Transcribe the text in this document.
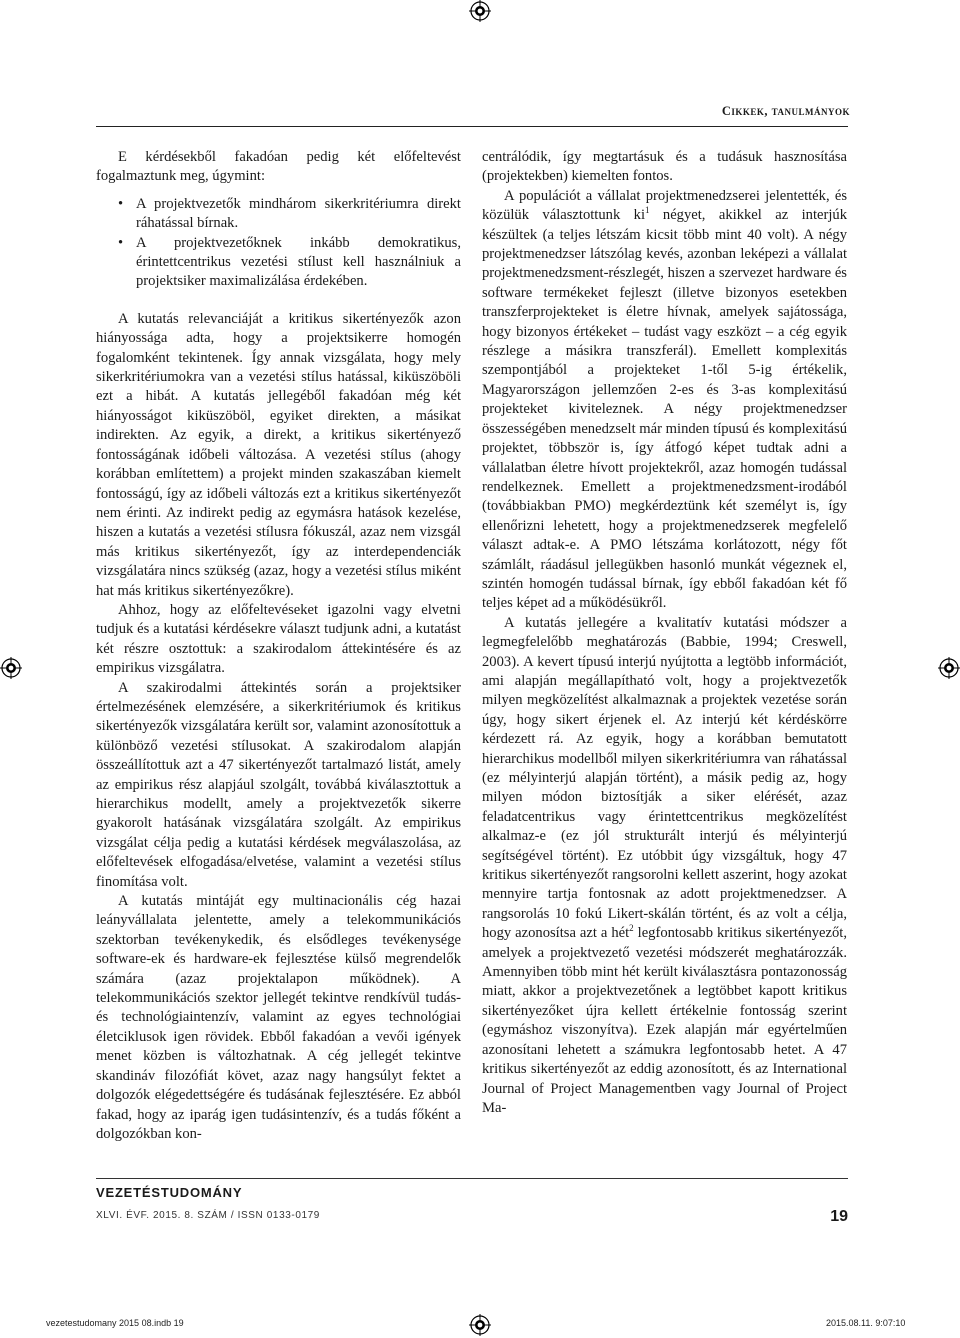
Cikkek, tanulmányok

E kérdésekből fakadóan pedig két előfeltevést fogalmaztunk meg, úgymint:

• A projektvezetők mindhárom sikerkritériumra direkt ráhatással bírnak.
• A projektvezetőknek inkább demokratikus, érintettcentrikus vezetési stílust kell használniuk a projektsiker maximalizálása érdekében.

A kutatás relevanciáját a kritikus sikertényezők azon hiányossága adta, hogy a projektsikerre homogén fogalomként tekintenek. Így annak vizsgálata, hogy mely sikerkritériumokra van a vezetési stílus hatással, kiküszöböli ezt a hibát. A kutatás jellegéből fakadóan még két hiányosságot kiküszöböl, egyiket direkten, a másikat indirekten. Az egyik, a direkt, a kritikus sikertényező fontosságának időbeli változása. A vezetési stílus (ahogy korábban említettem) a projekt minden szakaszában kiemelt fontosságú, így az időbeli változás ezt a kritikus sikertényezőt nem érinti. Az indirekt pedig az egymásra hatások kezelése, hiszen a kutatás a vezetési stílusra fókuszál, azaz nem vizsgál más kritikus sikertényezőt, így az interdependenciák vizsgálatára nincs szükség (azaz, hogy a vezetési stílus miként hat más kritikus sikertényezőkre).

Ahhoz, hogy az előfeltevéseket igazolni vagy elvetni tudjuk és a kutatási kérdésekre választ tudjunk adni, a kutatást két részre osztottuk: a szakirodalom áttekintésére és az empirikus vizsgálatra.

A szakirodalmi áttekintés során a projektsiker értelmezésének elemzésére, a sikerkritériumok és kritikus sikertényezők vizsgálatára került sor, valamint azonosítottuk a különböző vezetési stílusokat. A szakirodalom alapján összeállítottuk azt a 47 sikertényezőt tartalmazó listát, amely az empirikus rész alapjául szolgált, továbbá kiválasztottuk a hierarchikus modellt, amely a projektvezetők sikerre gyakorolt hatásának vizsgálatára szolgált. Az empirikus vizsgálat célja pedig a kutatási kérdések megválaszolása, az előfeltevések elfogadása/elvetése, valamint a vezetési stílus finomítása volt.

A kutatás mintáját egy multinacionális cég hazai leányvállalata jelentette, amely a telekommunikációs szektorban tevékenykedik, és elsődleges tevékenysége software-ek és hardware-ek fejlesztése külső megrendelők számára (azaz projektalapon működnek). A telekommunikációs szektor jellegét tekintve rendkívül tudás- és technológiaintenzív, valamint az egyes technológiai életciklusok igen rövidek. Ebből fakadóan a vevői igények menet közben is változhatnak. A cég jellegét tekintve skandináv filozófiát követ, azaz nagy hangsúlyt fektet a dolgozók elégedettségére és tudásának fejlesztésére. Ez abból fakad, hogy az iparág igen tudásintenzív, és a tudás főként a dolgozókban kon-

centrálódik, így megtartásuk és a tudásuk hasznosítása (projektekben) kiemelten fontos.

A populációt a vállalat projektmenedzserei jelentették, és közülük választottunk $ki^1$ négyet, akikkel az interjúk készültek (a teljes létszám kicsit több mint 40 volt). A négy projektmenedzser látszólag kevés, azonban leképezi a vállalat projektmenedzsment-részlegét, hiszen a szervezet hardware és software termékeket fejleszt (illetve bizonyos esetekben transzferprojekteket is életre hívnak, amelyek sajátossága, hogy bizonyos értékeket – tudást vagy eszközt – a cég egyik részlege a másikra transzferál). Emellett komplexitás szempontjából a projekteket 1-től 5-ig értékelik, Magyarországon jellemzően 2-es és 3-as komplexitású projekteket kiviteleznek. A négy projektmenedzser összességében menedzselt már minden típusú és komplexitású projektet, többször is, így átfogó képet tudtak adni a vállalatban életre hívott projektekről, azaz homogén tudással rendelkeznek. Emellett a projektmenedzsment-irodából (továbbiakban PMO) megkérdeztünk két személyt is, így ellenőrizni lehetett, hogy a projektmenedzserek megfelelő választ adtak-e. A PMO létszáma korlátozott, négy főt számlált, ráadásul jellegükben hasonló munkát végeznek el, szintén homogén tudással bírnak, így ebből fakadóan két fő teljes képet ad a működésükről.

A kutatás jellegére a kvalitatív kutatási módszer a legmegfelelőbb meghatározás (Babbie, 1994; Creswell, 2003). A kevert típusú interjú nyújtotta a legtöbb információt, ami alapján megállapítható volt, hogy a projektvezetők milyen megközelítést alkalmaznak a projektek vezetése során úgy, hogy sikert érjenek el. Az interjú két kérdéskörre kérdezett rá. Az egyik, hogy a korábban bemutatott hierarchikus modellből milyen sikerkritériumra van ráhatással (ez mélyinterjú alapján történt), a másik pedig az, hogy milyen módon biztosítják a siker elérését, azaz feladatcentrikus vagy érintettcentrikus megközelítést alkalmaz-e (ez jól strukturált interjú és mélyinterjú segítségével történt). Ez utóbbit úgy vizsgáltuk, hogy 47 kritikus sikertényezőt rangsorolni kellett aszerint, hogy azokat mennyire tartja fontosnak az adott projektmenedzser. A rangsorolás 10 fokú Likert-skálán történt, és az volt a célja, hogy azonosítsa azt a hét$^2$ legfontosabb kritikus sikertényezőt, amelyek a projektvezető vezetési módszerét meghatározzák. Amennyiben több mint hét került kiválasztásra pontazonosság miatt, akkor a projektvezetőnek a legtöbbet kapott kritikus sikertényezőket újra kellett értékelnie fontosság szerint (egymáshoz viszonyítva). Ezek alapján már egyértelműen azonosítani lehetett a számukra legfontosabb hetet. A 47 kritikus sikertényezőt az eddig azonosított, és az International Journal of Project Managementben vagy Journal of Project Ma-

VEZETÉSTUDOMÁNY
XLVI. ÉVF. 2015. 8. SZÁM / ISSN 0133-0179	19
vezetestudomany 2015 08.indb 19	2015.08.11. 9:07:10
